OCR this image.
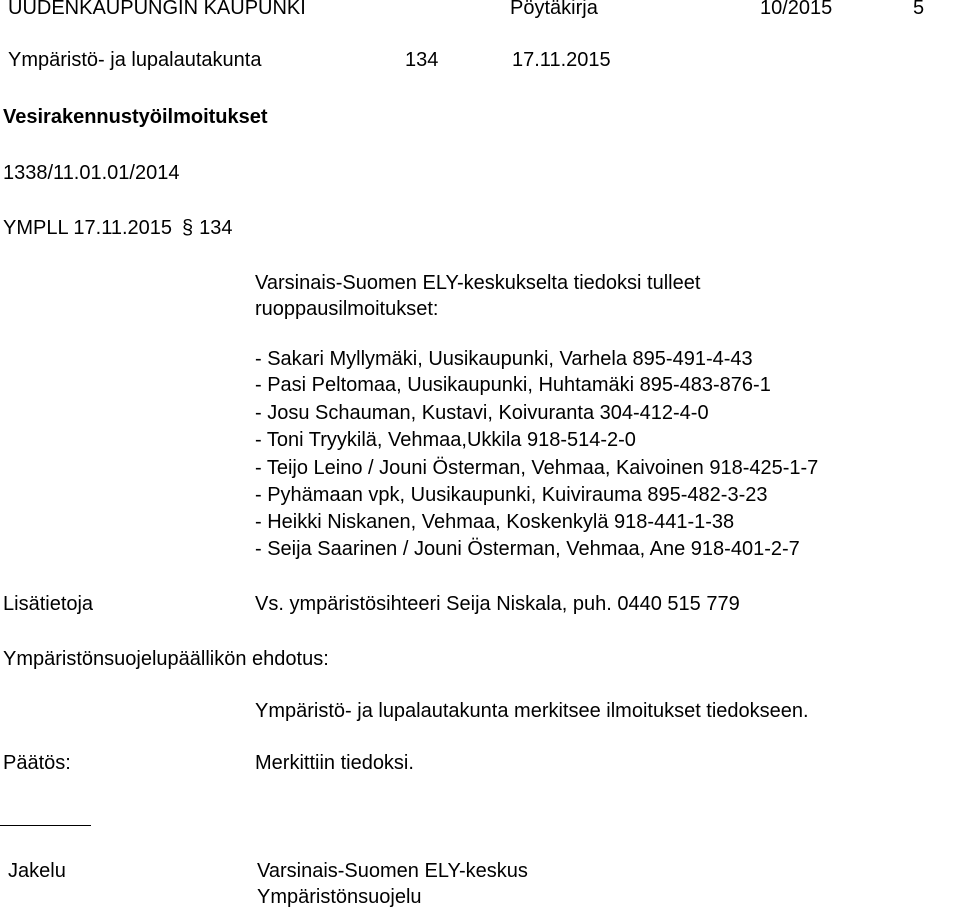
UUDENKAUPUNGIN KAUPUNKI	Pöytäkirja	10/2015	5
Ympäristö- ja lupalautakunta	134	17.11.2015
Vesirakennustyöilmoitukset
1338/11.01.01/2014
YMPLL 17.11.2015 § 134
Varsinais-Suomen ELY-keskukselta tiedoksi tulleet
ruoppausilmoitukset:
- Sakari Myllymäki, Uusikaupunki, Varhela 895-491-4-43
- Pasi Peltomaa, Uusikaupunki, Huhtamäki 895-483-876-1
- Josu Schauman, Kustavi, Koivuranta 304-412-4-0
- Toni Tryykilä, Vehmaa,Ukkila 918-514-2-0
- Teijo Leino / Jouni Österman, Vehmaa, Kaivoinen 918-425-1-7
- Pyhämaan vpk, Uusikaupunki, Kuivirauma 895-482-3-23
- Heikki Niskanen, Vehmaa, Koskenkylä 918-441-1-38
- Seija Saarinen / Jouni Österman, Vehmaa, Ane 918-401-2-7
Lisätietoja	Vs. ympäristösihteeri Seija Niskala, puh. 0440 515 779
Ympäristönsuojelupäällikön ehdotus:
Ympäristö- ja lupalautakunta merkitsee ilmoitukset tiedokseen.
Päätös:	Merkittiin tiedoksi.
Jakelu	Varsinais-Suomen ELY-keskus
Ympäristönsuojelu
